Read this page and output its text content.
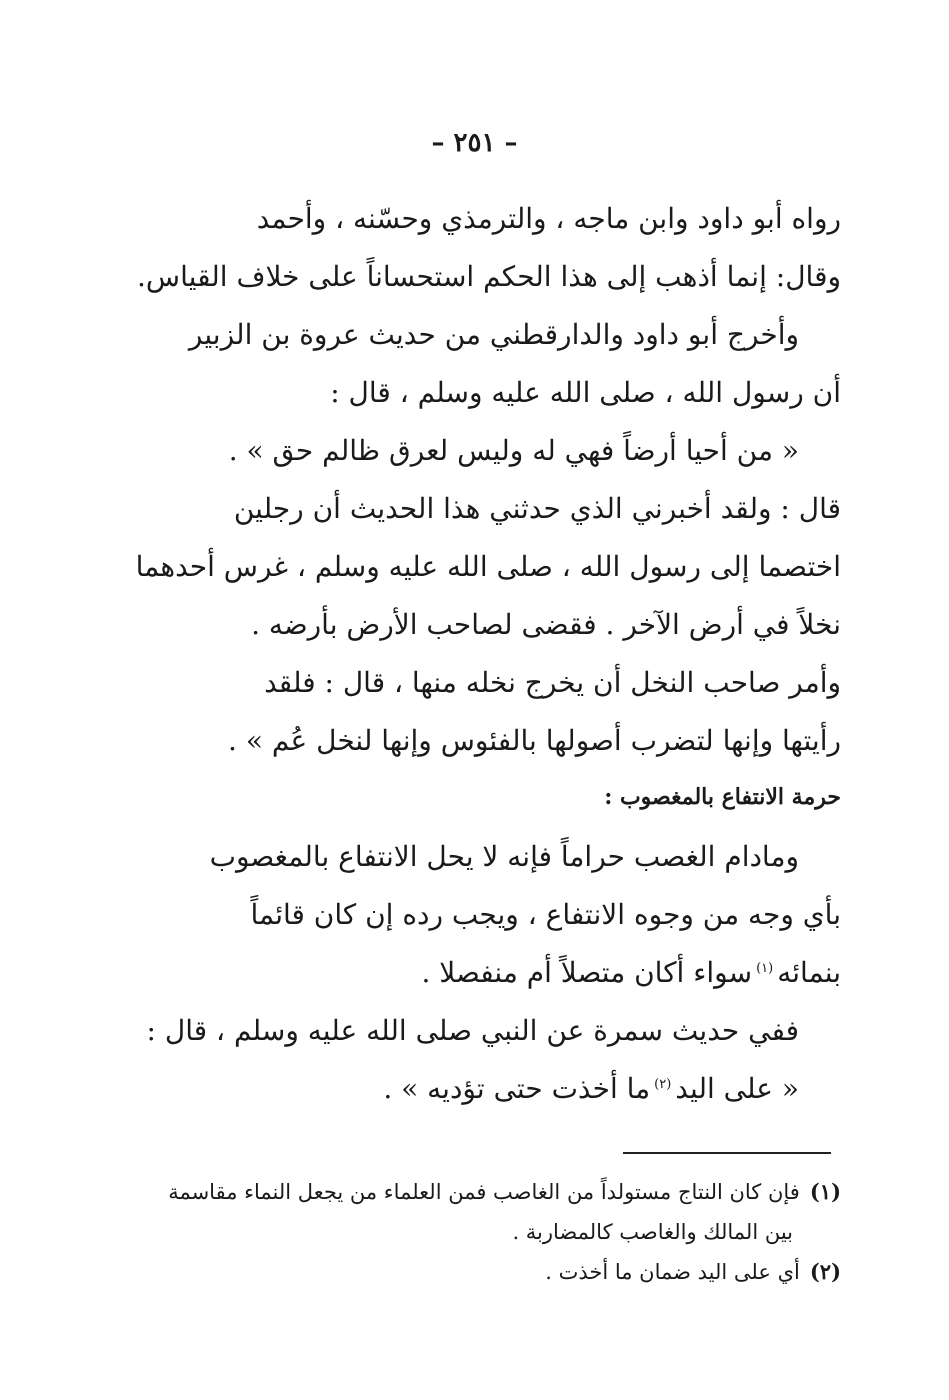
– ٢٥١ –
رواه أبو داود وابن ماجه ، والترمذي وحسّنه ، وأحمد
وقال: إنما أذهب إلى هذا الحكم استحساناً على خلاف القياس.
وأخرج أبو داود والدارقطني من حديث عروة بن الزبير
أن رسول الله ، صلى الله عليه وسلم ، قال :
« من أحيا أرضاً فهي له وليس لعرق ظالم حق » .
قال : ولقد أخبرني الذي حدثني هذا الحديث أن رجلين
اختصما إلى رسول الله ، صلى الله عليه وسلم ، غرس أحدهما
نخلاً في أرض الآخر . فقضى لصاحب الأرض بأرضه .
وأمر صاحب النخل أن يخرج نخله منها ، قال : فلقد
رأيتها وإنها لتضرب أصولها بالفئوس وإنها لنخل عُم » .
حرمة الانتفاع بالمغصوب :
ومادام الغصب حراماً فإنه لا يحل الانتفاع بالمغصوب
بأي وجه من وجوه الانتفاع ، ويجب رده إن كان قائماً
بنمائه$^{(١)}$سواء أكان متصلاً أم منفصلا .
ففي حديث سمرة عن النبي صلى الله عليه وسلم ، قال :
« على اليد$^{(٢)}$ما أخذت حتى تؤديه » .
(١)فإن كان النتاج مستولداً من الغاصب فمن العلماء من يجعل النماء مقاسمة
بين المالك والغاصب كالمضاربة .
(٢)أي على اليد ضمان ما أخذت .
